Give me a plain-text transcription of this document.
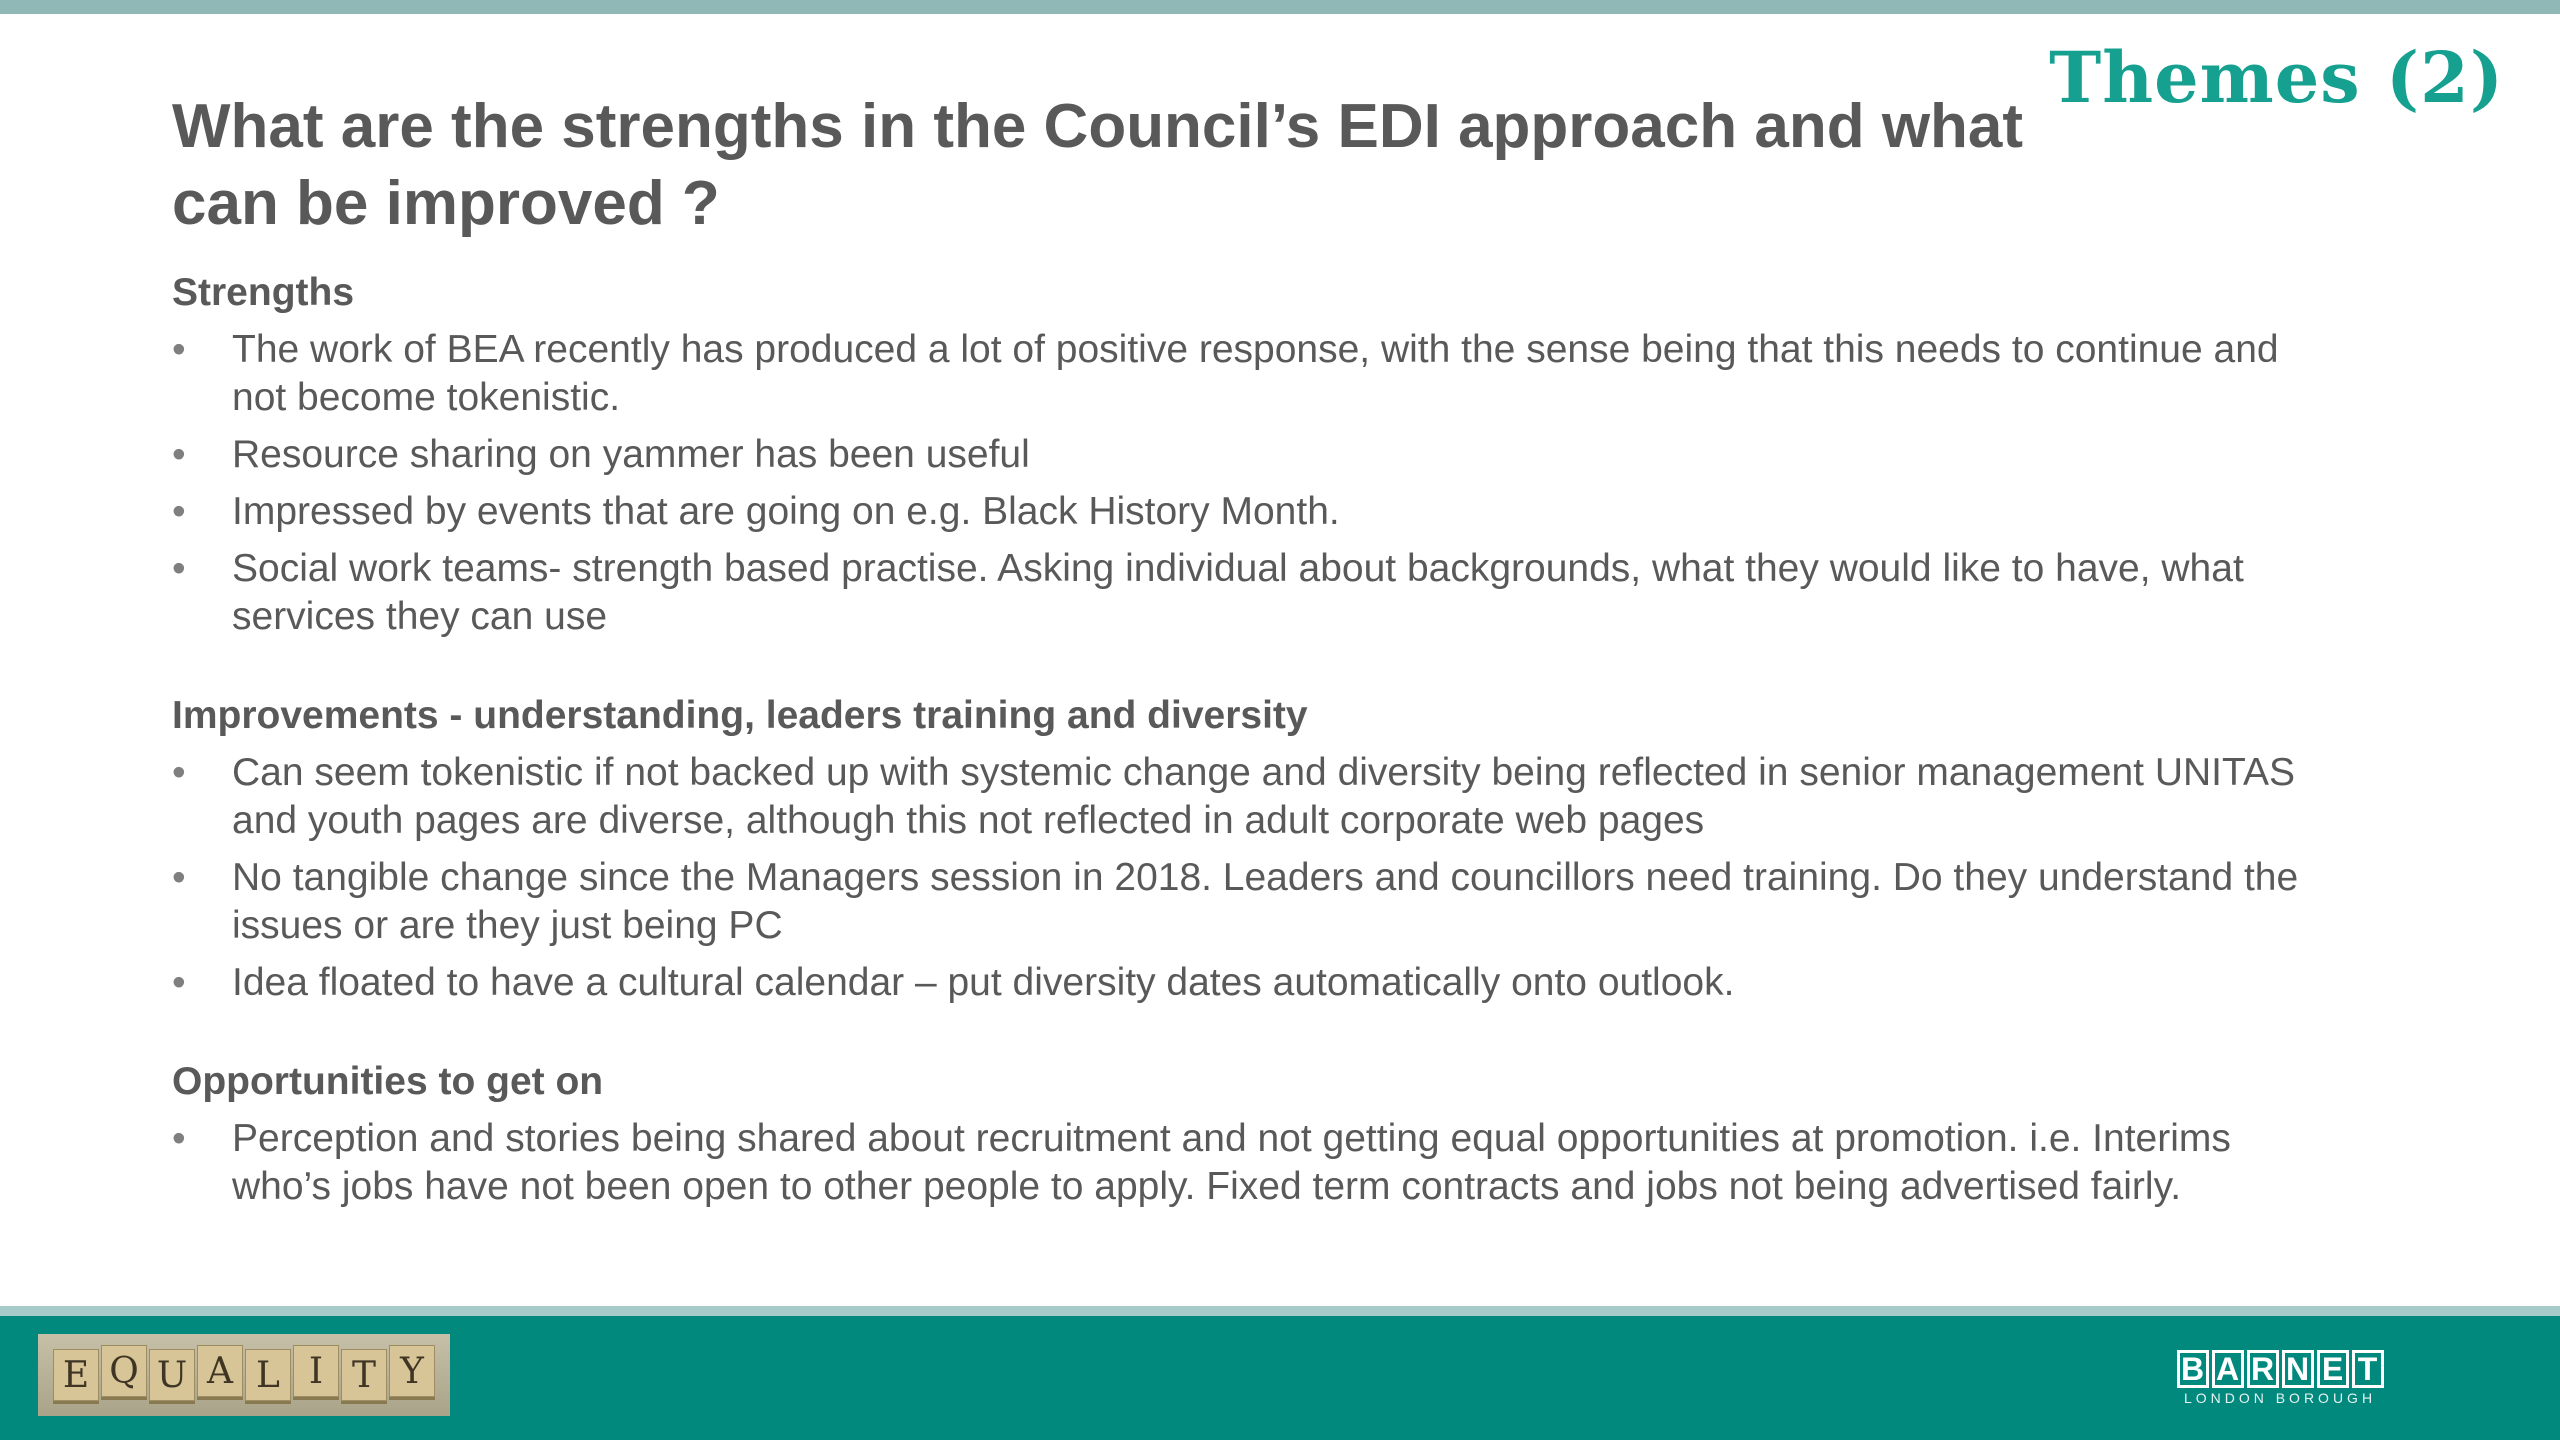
Themes (2)
What are the strengths in the Council’s EDI approach and what can be improved ?
Strengths
•	The work of BEA recently has produced a lot of positive response, with the sense being that this needs to continue and not become tokenistic.
•	Resource sharing on yammer has been useful
•	Impressed by events that are going on e.g. Black History Month.
•	Social work teams- strength based practise. Asking individual about backgrounds, what they would like to have, what services they can use
Improvements - understanding, leaders training and diversity
•	Can seem tokenistic if not backed up with systemic change and diversity being reflected in senior management UNITAS and youth pages are diverse, although this not reflected in adult corporate web pages
•	No tangible change since the Managers session in 2018. Leaders and councillors need training. Do they understand the issues or are they just being PC
•	Idea floated to have a cultural calendar – put diversity dates automatically onto outlook.
Opportunities to get on
•	Perception and stories being shared about recruitment and not getting equal opportunities at promotion. i.e. Interims who’s jobs have not been open to other people to apply. Fixed term contracts and jobs not being advertised fairly.
E Q U A L I T Y	B A R N E T
LONDON BOROUGH
